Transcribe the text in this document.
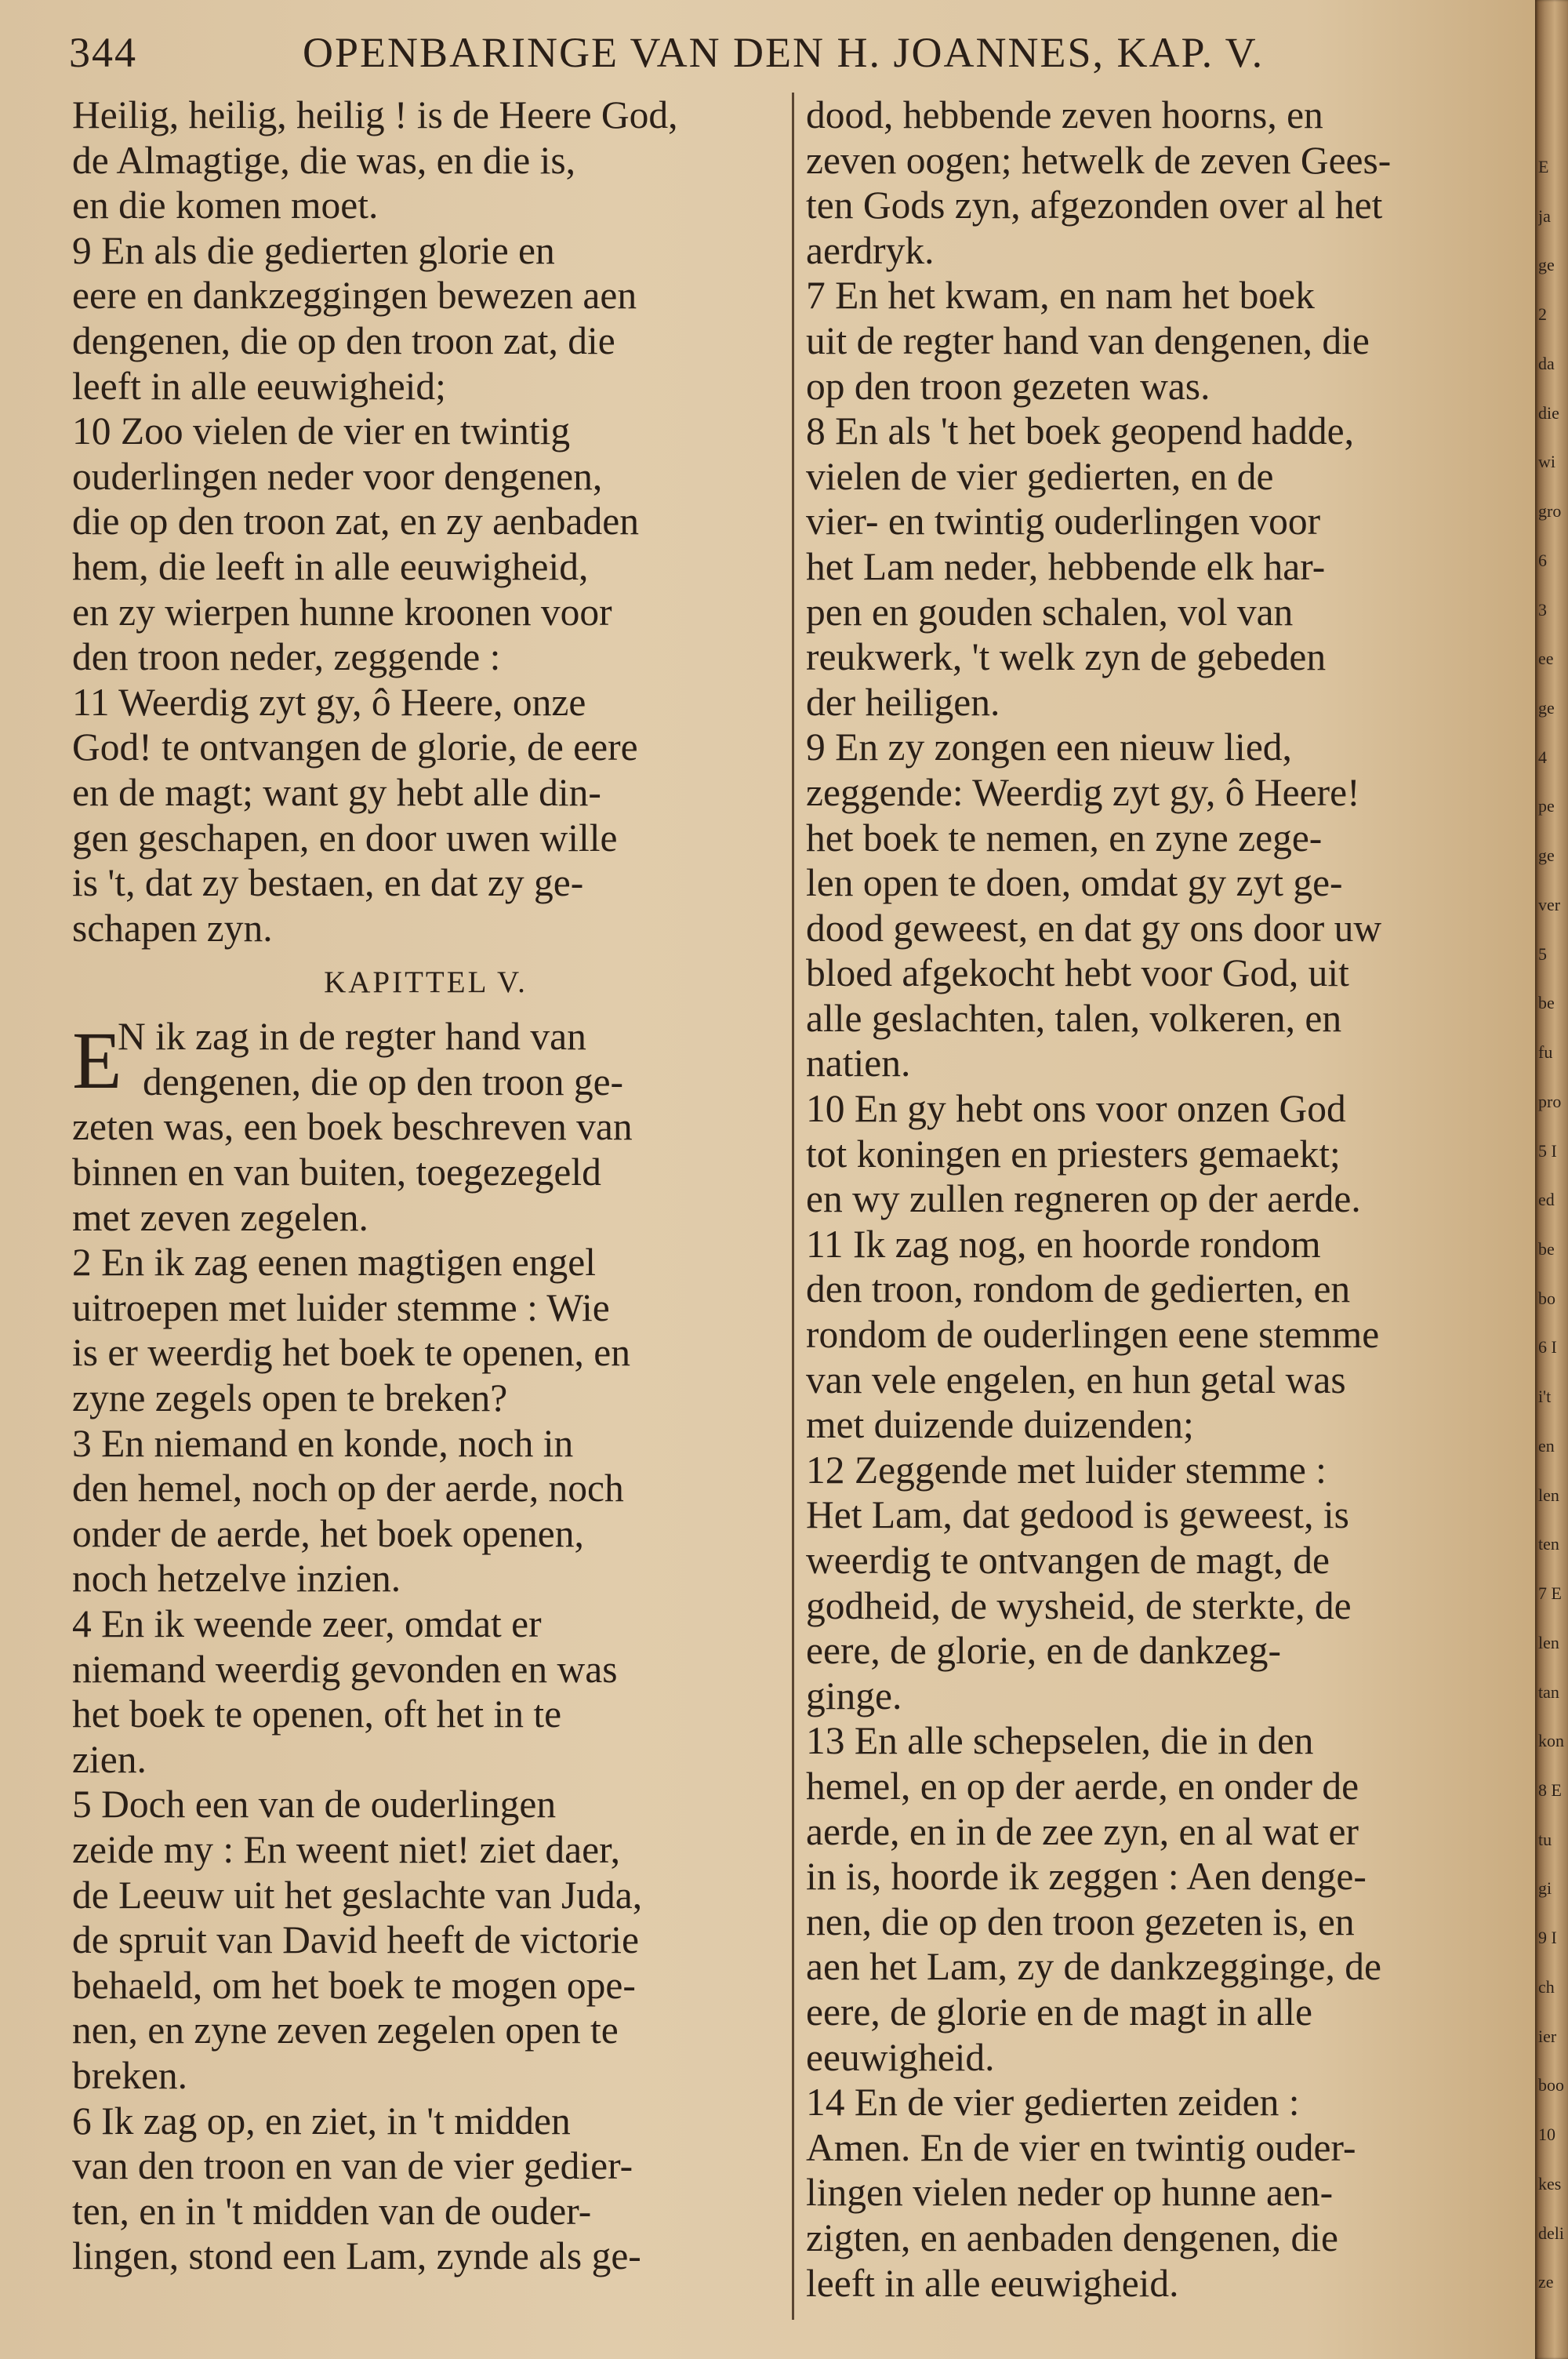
344	OPENBARINGE VAN DEN H. JOANNES, KAP. V.
Heilig, heilig, heilig ! is de Heere God,
de Almagtige, die was, en die is,
en die komen moet.
9 En als die gedierten glorie en
eere en dankzeggingen bewezen aen
dengenen, die op den troon zat, die
leeft in alle eeuwigheid;
10 Zoo vielen de vier en twintig
ouderlingen neder voor dengenen,
die op den troon zat, en zy aenbaden
hem, die leeft in alle eeuwigheid,
en zy wierpen hunne kroonen voor
den troon neder, zeggende :
11 Weerdig zyt gy, ô Heere, onze
God! te ontvangen de glorie, de eere
en de magt; want gy hebt alle din-
gen geschapen, en door uwen wille
is 't, dat zy bestaen, en dat zy ge-
schapen zyn.
KAPITTEL V.
E
N ik zag in de regter hand van
dengenen, die op den troon ge-
zeten was, een boek beschreven van
binnen en van buiten, toegezegeld
met zeven zegelen.
2 En ik zag eenen magtigen engel
uitroepen met luider stemme : Wie
is er weerdig het boek te openen, en
zyne zegels open te breken?
3 En niemand en konde, noch in
den hemel, noch op der aerde, noch
onder de aerde, het boek openen,
noch hetzelve inzien.
4 En ik weende zeer, omdat er
niemand weerdig gevonden en was
het boek te openen, oft het in te
zien.
5 Doch een van de ouderlingen
zeide my : En weent niet! ziet daer,
de Leeuw uit het geslachte van Juda,
de spruit van David heeft de victorie
behaeld, om het boek te mogen ope-
nen, en zyne zeven zegelen open te
breken.
6 Ik zag op, en ziet, in 't midden
van den troon en van de vier gedier-
ten, en in 't midden van de ouder-
lingen, stond een Lam, zynde als ge-
dood, hebbende zeven hoorns, en
zeven oogen; hetwelk de zeven Gees-
ten Gods zyn, afgezonden over al het
aerdryk.
7 En het kwam, en nam het boek
uit de regter hand van dengenen, die
op den troon gezeten was.
8 En als 't het boek geopend hadde,
vielen de vier gedierten, en de
vier- en twintig ouderlingen voor
het Lam neder, hebbende elk har-
pen en gouden schalen, vol van
reukwerk, 't welk zyn de gebeden
der heiligen.
9 En zy zongen een nieuw lied,
zeggende: Weerdig zyt gy, ô Heere!
het boek te nemen, en zyne zege-
len open te doen, omdat gy zyt ge-
dood geweest, en dat gy ons door uw
bloed afgekocht hebt voor God, uit
alle geslachten, talen, volkeren, en
natien.
10 En gy hebt ons voor onzen God
tot koningen en priesters gemaekt;
en wy zullen regneren op der aerde.
11 Ik zag nog, en hoorde rondom
den troon, rondom de gedierten, en
rondom de ouderlingen eene stemme
van vele engelen, en hun getal was
met duizende duizenden;
12 Zeggende met luider stemme :
Het Lam, dat gedood is geweest, is
weerdig te ontvangen de magt, de
godheid, de wysheid, de sterkte, de
eere, de glorie, en de dankzeg-
ginge.
13 En alle schepselen, die in den
hemel, en op der aerde, en onder de
aerde, en in de zee zyn, en al wat er
in is, hoorde ik zeggen : Aen denge-
nen, die op den troon gezeten is, en
aen het Lam, zy de dankzegginge, de
eere, de glorie en de magt in alle
eeuwigheid.
14 En de vier gedierten zeiden :
Amen. En de vier en twintig ouder-
lingen vielen neder op hunne aen-
zigten, en aenbaden dengenen, die
leeft in alle eeuwigheid.
E
ja
ge
2
da
die
wi
gro
6
3
ee
ge
4
pe
ge
ver
5
be
fu
pro
5 I
ed
be
bo
6 I
i't
en
len
ten
7 E
len
tan
kon
8 E
tu
gi
9 I
ch
ier
boo
10
kes
deli
ze
